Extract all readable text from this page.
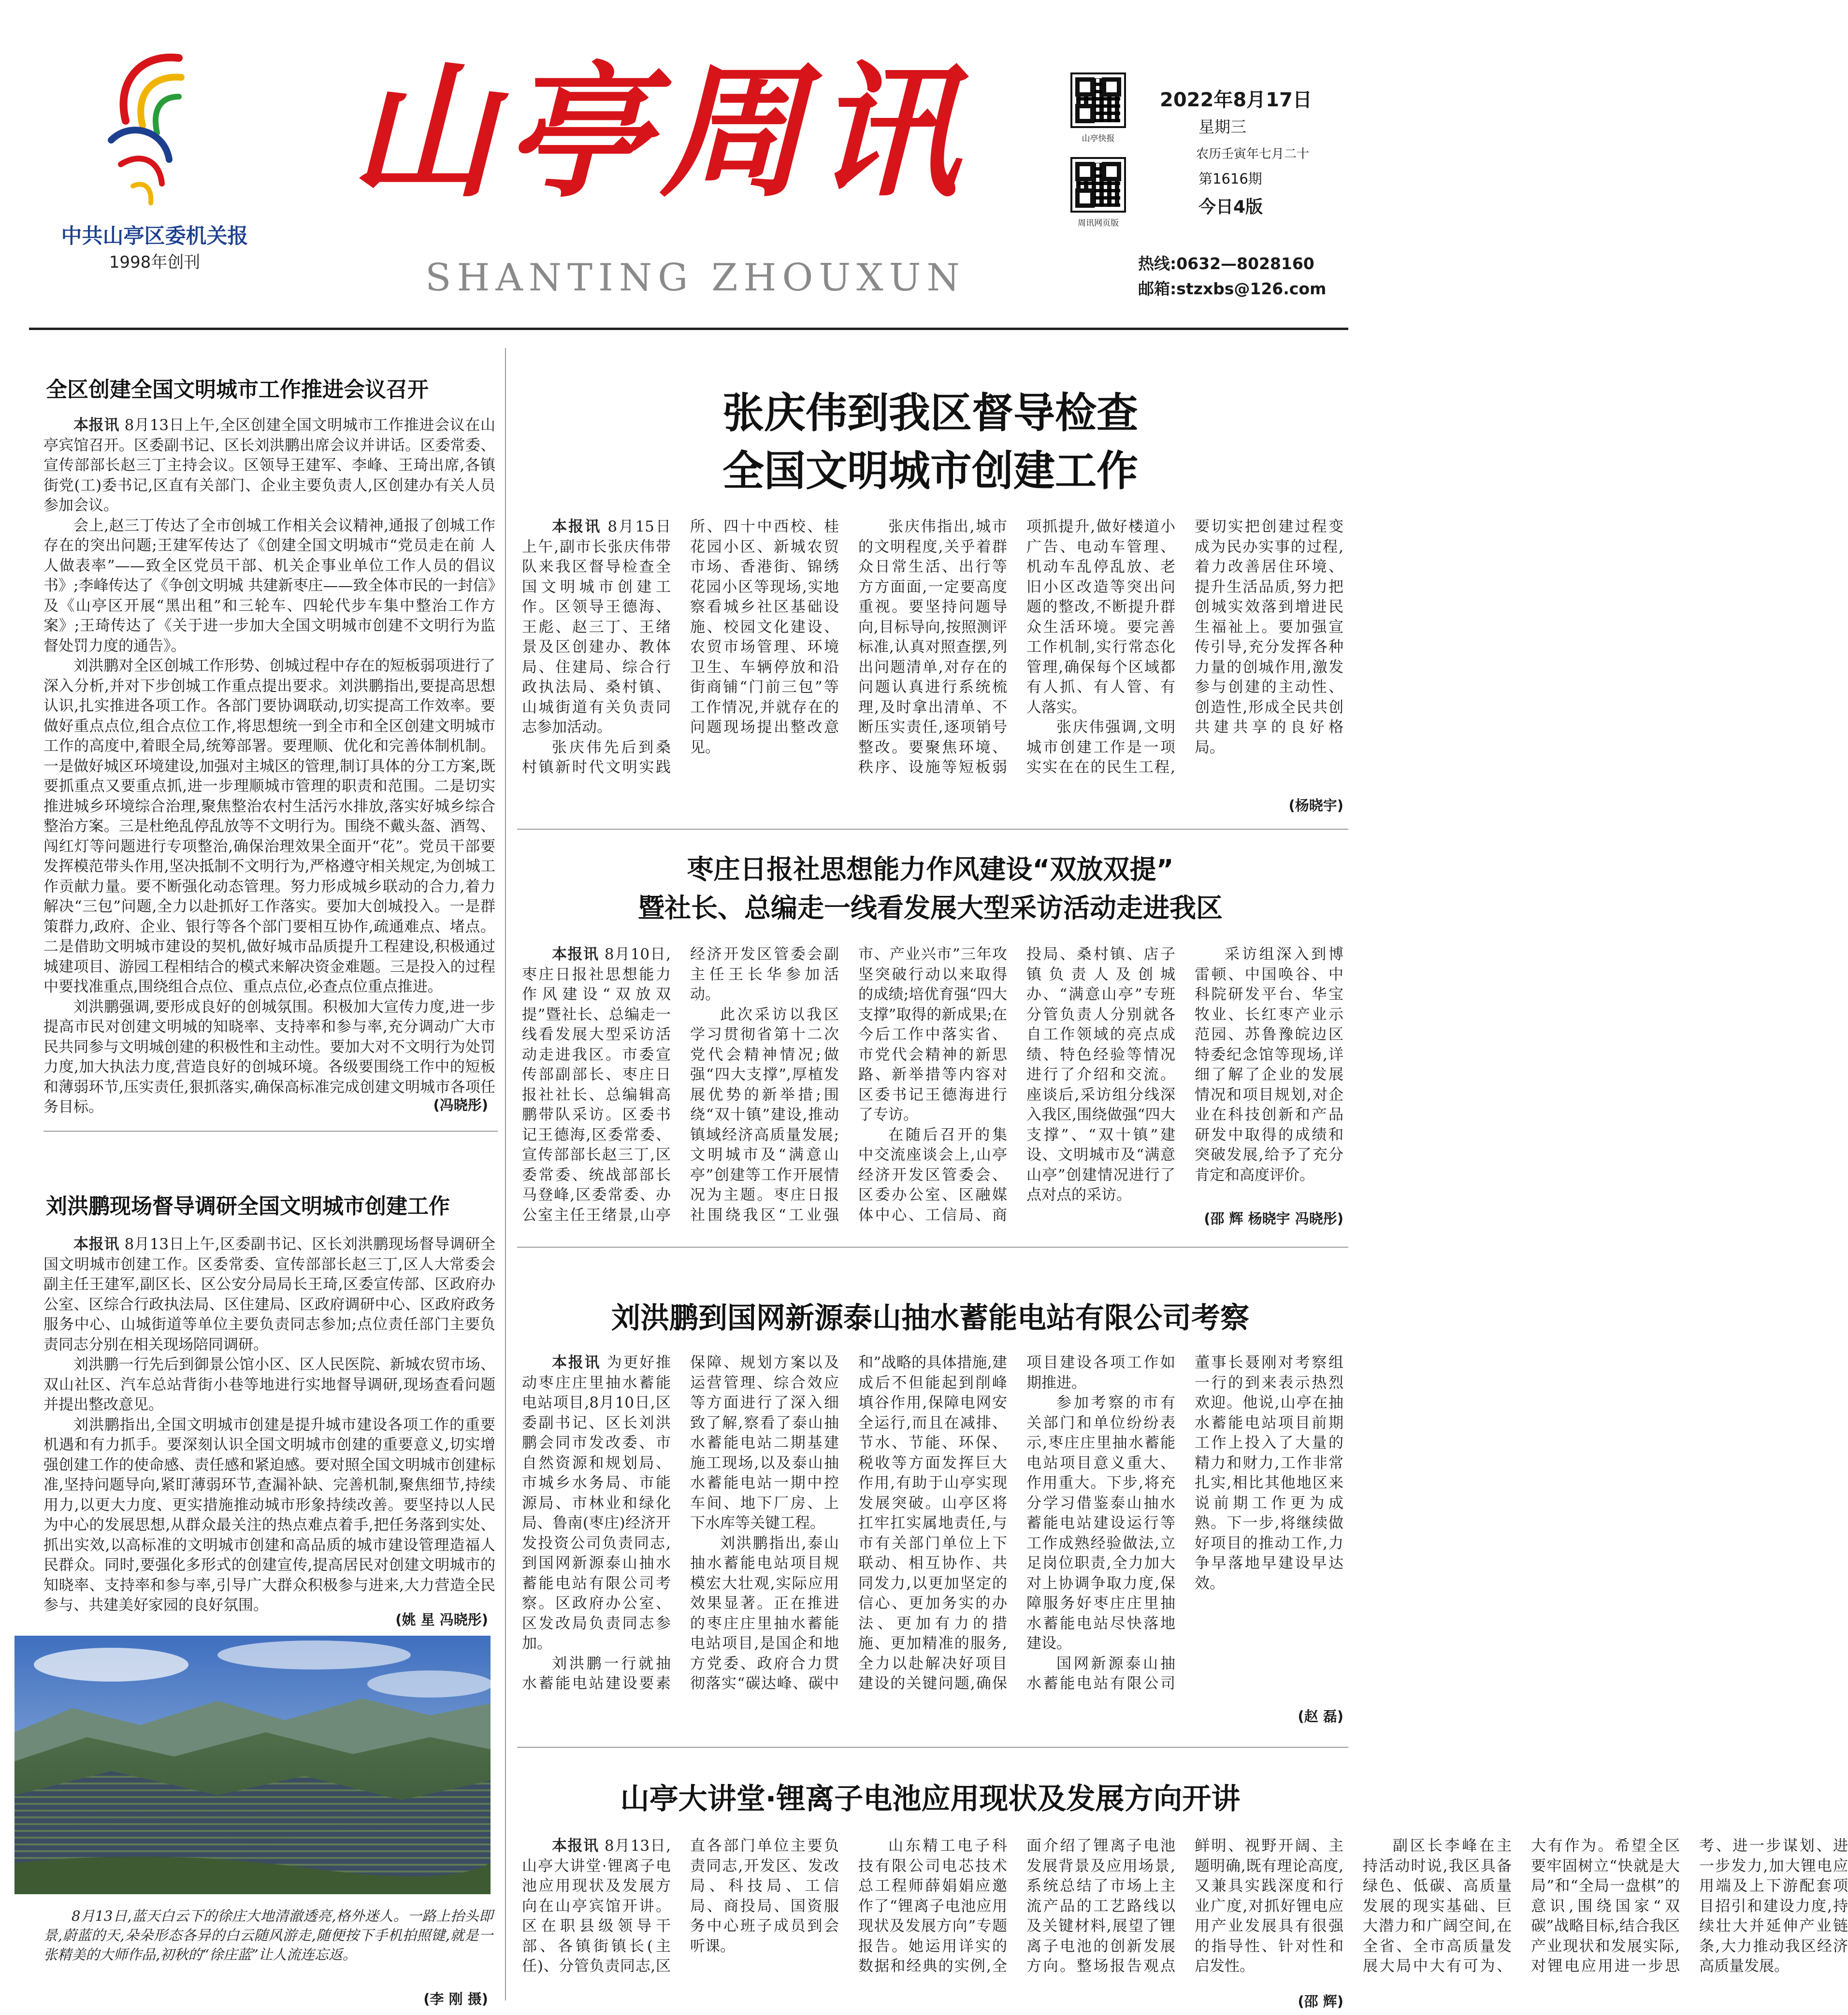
中共山亭区委机关报
1998年创刊
山亭周讯
SHANTING ZHOUXUN
山亭快报
周讯网页版
2022年8月17日
星期三
农历壬寅年七月二十
第1616期
今日4版
热线:0632—8028160
邮箱:stzxbs@126.com
全区创建全国文明城市工作推进会议召开

本报讯 8月13日上午,全区创建全国文明城市工作推进会议在山亭宾馆召开。区委副书记、区长刘洪鹏出席会议并讲话。区委常委、宣传部部长赵三丁主持会议。区领导王建军、李峰、王琦出席,各镇街党(工)委书记,区直有关部门、企业主要负责人,区创建办有关人员参加会议。

会上,赵三丁传达了全市创城工作相关会议精神,通报了创城工作存在的突出问题;王建军传达了《创建全国文明城市“党员走在前 人人做表率”——致全区党员干部、机关企事业单位工作人员的倡议书》;李峰传达了《争创文明城 共建新枣庄——致全体市民的一封信》及《山亭区开展“黑出租”和三轮车、四轮代步车集中整治工作方案》;王琦传达了《关于进一步加大全国文明城市创建不文明行为监督处罚力度的通告》。

刘洪鹏对全区创城工作形势、创城过程中存在的短板弱项进行了深入分析,并对下步创城工作重点提出要求。刘洪鹏指出,要提高思想认识,扎实推进各项工作。各部门要协调联动,切实提高工作效率。要做好重点点位,组合点位工作,将思想统一到全市和全区创建文明城市工作的高度中,着眼全局,统筹部署。要理顺、优化和完善体制机制。一是做好城区环境建设,加强对主城区的管理,制订具体的分工方案,既要抓重点又要重点抓,进一步理顺城市管理的职责和范围。二是切实推进城乡环境综合治理,聚焦整治农村生活污水排放,落实好城乡综合整治方案。三是杜绝乱停乱放等不文明行为。围绕不戴头盔、酒驾、闯红灯等问题进行专项整治,确保治理效果全面开“花”。党员干部要发挥模范带头作用,坚决抵制不文明行为,严格遵守相关规定,为创城工作贡献力量。要不断强化动态管理。努力形成城乡联动的合力,着力解决“三包”问题,全力以赴抓好工作落实。要加大创城投入。一是群策群力,政府、企业、银行等各个部门要相互协作,疏通难点、堵点。二是借助文明城市建设的契机,做好城市品质提升工程建设,积极通过城建项目、游园工程相结合的模式来解决资金难题。三是投入的过程中要找准重点,围绕组合点位、重点点位,必查点位重点推进。

刘洪鹏强调,要形成良好的创城氛围。积极加大宣传力度,进一步提高市民对创建文明城的知晓率、支持率和参与率,充分调动广大市民共同参与文明城创建的积极性和主动性。要加大对不文明行为处罚力度,加大执法力度,营造良好的创城环境。各级要围绕工作中的短板和薄弱环节,压实责任,狠抓落实,确保高标准完成创建文明城市各项任务目标。	(冯晓彤)
刘洪鹏现场督导调研全国文明城市创建工作

本报讯 8月13日上午,区委副书记、区长刘洪鹏现场督导调研全国文明城市创建工作。区委常委、宣传部部长赵三丁,区人大常委会副主任王建军,副区长、区公安分局局长王琦,区委宣传部、区政府办公室、区综合行政执法局、区住建局、区政府调研中心、区政府政务服务中心、山城街道等单位主要负责同志参加;点位责任部门主要负责同志分别在相关现场陪同调研。

刘洪鹏一行先后到御景公馆小区、区人民医院、新城农贸市场、双山社区、汽车总站背街小巷等地进行实地督导调研,现场查看问题并提出整改意见。

刘洪鹏指出,全国文明城市创建是提升城市建设各项工作的重要机遇和有力抓手。要深刻认识全国文明城市创建的重要意义,切实增强创建工作的使命感、责任感和紧迫感。要对照全国文明城市创建标准,坚持问题导向,紧盯薄弱环节,查漏补缺、完善机制,聚焦细节,持续用力,以更大力度、更实措施推动城市形象持续改善。要坚持以人民为中心的发展思想,从群众最关注的热点难点着手,把任务落到实处、抓出实效,以高标准的文明城市创建和高品质的城市建设管理造福人民群众。同时,要强化多形式的创建宣传,提高居民对创建文明城市的知晓率、支持率和参与率,引导广大群众积极参与进来,大力营造全民参与、共建美好家园的良好氛围。

(姚 星 冯晓彤)

8月13日,蓝天白云下的徐庄大地清澈透亮,格外迷人。一路上抬头即景,蔚蓝的天,朵朵形态各异的白云随风游走,随便按下手机拍照键,就是一张精美的大师作品,初秋的“徐庄蓝”让人流连忘返。

(李 刚 摄)
张庆伟到我区督导检查
全国文明城市创建工作

本报讯 8月15日上午,副市长张庆伟带队来我区督导检查全国文明城市创建工作。区领导王德海、王彪、赵三丁、王绪景及区创建办、教体局、住建局、综合行政执法局、桑村镇、山城街道有关负责同志参加活动。

张庆伟先后到桑村镇新时代文明实践所、四十中西校、桂花园小区、新城农贸市场、香港街、锦绣花园小区等现场,实地察看城乡社区基础设施、校园文化建设、农贸市场管理、环境卫生、车辆停放和沿街商铺“门前三包”等工作情况,并就存在的问题现场提出整改意见。

张庆伟指出,城市的文明程度,关乎着群众日常生活、出行等方方面面,一定要高度重视。要坚持问题导向,目标导向,按照测评标准,认真对照查摆,列出问题清单,对存在的问题认真进行系统梳理,及时拿出清单、不断压实责任,逐项销号整改。要聚焦环境、秩序、设施等短板弱项抓提升,做好楼道小广告、电动车管理、机动车乱停乱放、老旧小区改造等突出问题的整改,不断提升群众生活环境。要完善工作机制,实行常态化管理,确保每个区域都有人抓、有人管、有人落实。

张庆伟强调,文明城市创建工作是一项实实在在的民生工程,要切实把创建过程变成为民办实事的过程,着力改善居住环境、提升生活品质,努力把创城实效落到增进民生福祉上。要加强宣传引导,充分发挥各种力量的创城作用,激发参与创建的主动性、创造性,形成全民共创共建共享的良好格局。

(杨晓宇)
枣庄日报社思想能力作风建设“双放双提”
暨社长、总编走一线看发展大型采访活动走进我区

本报讯 8月10日,枣庄日报社思想能力作风建设“双放双提”暨社长、总编走一线看发展大型采访活动走进我区。市委宣传部副部长、枣庄日报社社长、总编辑高鹏带队采访。区委书记王德海,区委常委、宣传部部长赵三丁,区委常委、统战部部长马登峰,区委常委、办公室主任王绪景,山亭经济开发区管委会副主任王长华参加活动。

此次采访以我区学习贯彻省第十二次党代会精神情况;做强“四大支撑”,厚植发展优势的新举措;围绕“双十镇”建设,推动镇域经济高质量发展;文明城市及“满意山亭”创建等工作开展情况为主题。枣庄日报社围绕我区“工业强市、产业兴市”三年攻坚突破行动以来取得的成绩;培优育强“四大支撑”取得的新成果;在今后工作中落实省、市党代会精神的新思路、新举措等内容对区委书记王德海进行了专访。

在随后召开的集中交流座谈会上,山亭经济开发区管委会、区委办公室、区融媒体中心、工信局、商投局、桑村镇、店子镇负责人及创城办、“满意山亭”专班分管负责人分别就各自工作领域的亮点成绩、特色经验等情况进行了介绍和交流。座谈后,采访组分线深入我区,围绕做强“四大支撑”、“双十镇”建设、文明城市及“满意山亭”创建情况进行了点对点的采访。

采访组深入到博雷顿、中国唤谷、中科院研发平台、华宝牧业、长红枣产业示范园、苏鲁豫皖边区特委纪念馆等现场,详细了解了企业的发展情况和项目规划,对企业在科技创新和产品研发中取得的成绩和突破发展,给予了充分肯定和高度评价。

(邵 辉 杨晓宇 冯晓彤)
刘洪鹏到国网新源泰山抽水蓄能电站有限公司考察

本报讯 为更好推动枣庄庄里抽水蓄能电站项目,8月10日,区委副书记、区长刘洪鹏会同市发改委、市自然资源和规划局、市城乡水务局、市能源局、市林业和绿化局、鲁南(枣庄)经济开发投资公司负责同志,到国网新源泰山抽水蓄能电站有限公司考察。区政府办公室、区发改局负责同志参加。

刘洪鹏一行就抽水蓄能电站建设要素保障、规划方案以及运营管理、综合效应等方面进行了深入细致了解,察看了泰山抽水蓄能电站二期基建施工现场,以及泰山抽水蓄能电站一期中控车间、地下厂房、上下水库等关键工程。

刘洪鹏指出,泰山抽水蓄能电站项目规模宏大壮观,实际应用效果显著。正在推进的枣庄庄里抽水蓄能电站项目,是国企和地方党委、政府合力贯彻落实“碳达峰、碳中和”战略的具体措施,建成后不但能起到削峰填谷作用,保障电网安全运行,而且在减排、节水、节能、环保、税收等方面发挥巨大作用,有助于山亭实现发展突破。山亭区将扛牢扛实属地责任,与市有关部门单位上下联动、相互协作、共同发力,以更加坚定的信心、更加务实的办法、更加有力的措施、更加精准的服务,全力以赴解决好项目建设的关键问题,确保项目建设各项工作如期推进。

参加考察的市有关部门和单位纷纷表示,枣庄庄里抽水蓄能电站项目意义重大、作用重大。下步,将充分学习借鉴泰山抽水蓄能电站建设运行等工作成熟经验做法,立足岗位职责,全力加大对上协调争取力度,保障服务好枣庄庄里抽水蓄能电站尽快落地建设。

国网新源泰山抽水蓄能电站有限公司董事长聂刚对考察组一行的到来表示热烈欢迎。他说,山亭在抽水蓄能电站项目前期工作上投入了大量的精力和财力,工作非常扎实,相比其他地区来说前期工作更为成熟。下一步,将继续做好项目的推动工作,力争早落地早建设早达效。

(赵 磊)
山亭大讲堂·锂离子电池应用现状及发展方向开讲

本报讯 8月13日,山亭大讲堂·锂离子电池应用现状及发展方向在山亭宾馆开讲。区在职县级领导干部、各镇街镇长(主任)、分管负责同志,区直各部门单位主要负责同志,开发区、发改局、科技局、工信局、商投局、国资服务中心班子成员到会听课。

山东精工电子科技有限公司电芯技术总工程师薛娟娟应邀作了“锂离子电池应用现状及发展方向”专题报告。她运用详实的数据和经典的实例,全面介绍了锂离子电池发展背景及应用场景,系统总结了市场上主流产品的工艺路线以及关键材料,展望了锂离子电池的创新发展方向。整场报告观点鲜明、视野开阔、主题明确,既有理论高度,又兼具实践深度和行业广度,对抓好锂电应用产业发展具有很强的指导性、针对性和启发性。

副区长李峰在主持活动时说,我区具备绿色、低碳、高质量发展的现实基础、巨大潜力和广阔空间,在全省、全市高质量发展大局中大有可为、大有作为。希望全区要牢固树立“快就是大局”和“全局一盘棋”的意识,围绕国家“双碳”战略目标,结合我区产业现状和发展实际,对锂电应用进一步思考、进一步谋划、进一步发力,加大锂电应用端及上下游配套项目招引和建设力度,持续壮大并延伸产业链条,大力推动我区经济高质量发展。

(邵 辉)
